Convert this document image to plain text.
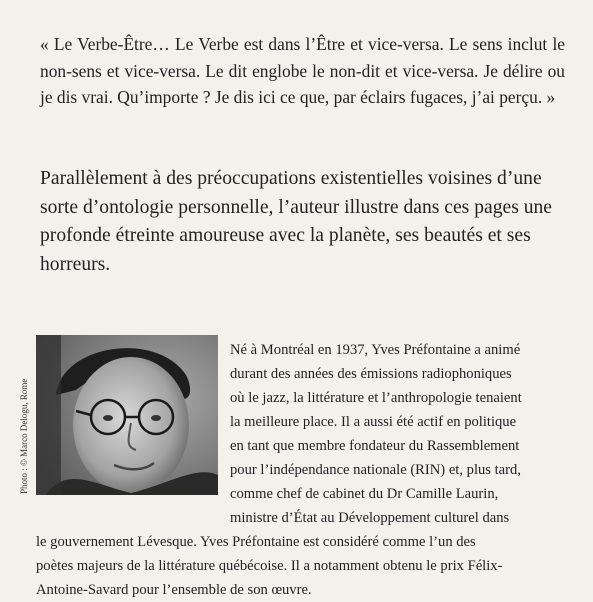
« Le Verbe-Être… Le Verbe est dans l’Être et vice-versa. Le sens inclut le non-sens et vice-versa. Le dit englobe le non-dit et vice-versa. Je délire ou je dis vrai. Qu’importe ? Je dis ici ce que, par éclairs fugaces, j’ai perçu. »

Parallèlement à des préoccupations existentielles voisines d’une sorte d’ontologie personnelle, l’auteur illustre dans ces pages une profonde étreinte amoureuse avec la planète, ses beautés et ses horreurs.

Photo : © Marco Delogu, Rome
Né à Montréal en 1937, Yves Préfontaine a animé
durant des années des émissions radiophoniques
où le jazz, la littérature et l’anthropologie tenaient
la meilleure place. Il a aussi été actif en politique
en tant que membre fondateur du Rassemblement
pour l’indépendance nationale (RIN) et, plus tard,
comme chef de cabinet du Dr Camille Laurin,
ministre d’État au Développement culturel dans
le gouvernement Lévesque. Yves Préfontaine est considéré comme l’un des
poètes majeurs de la littérature québécoise. Il a notamment obtenu le prix Félix-
Antoine-Savard pour l’ensemble de son œuvre.
